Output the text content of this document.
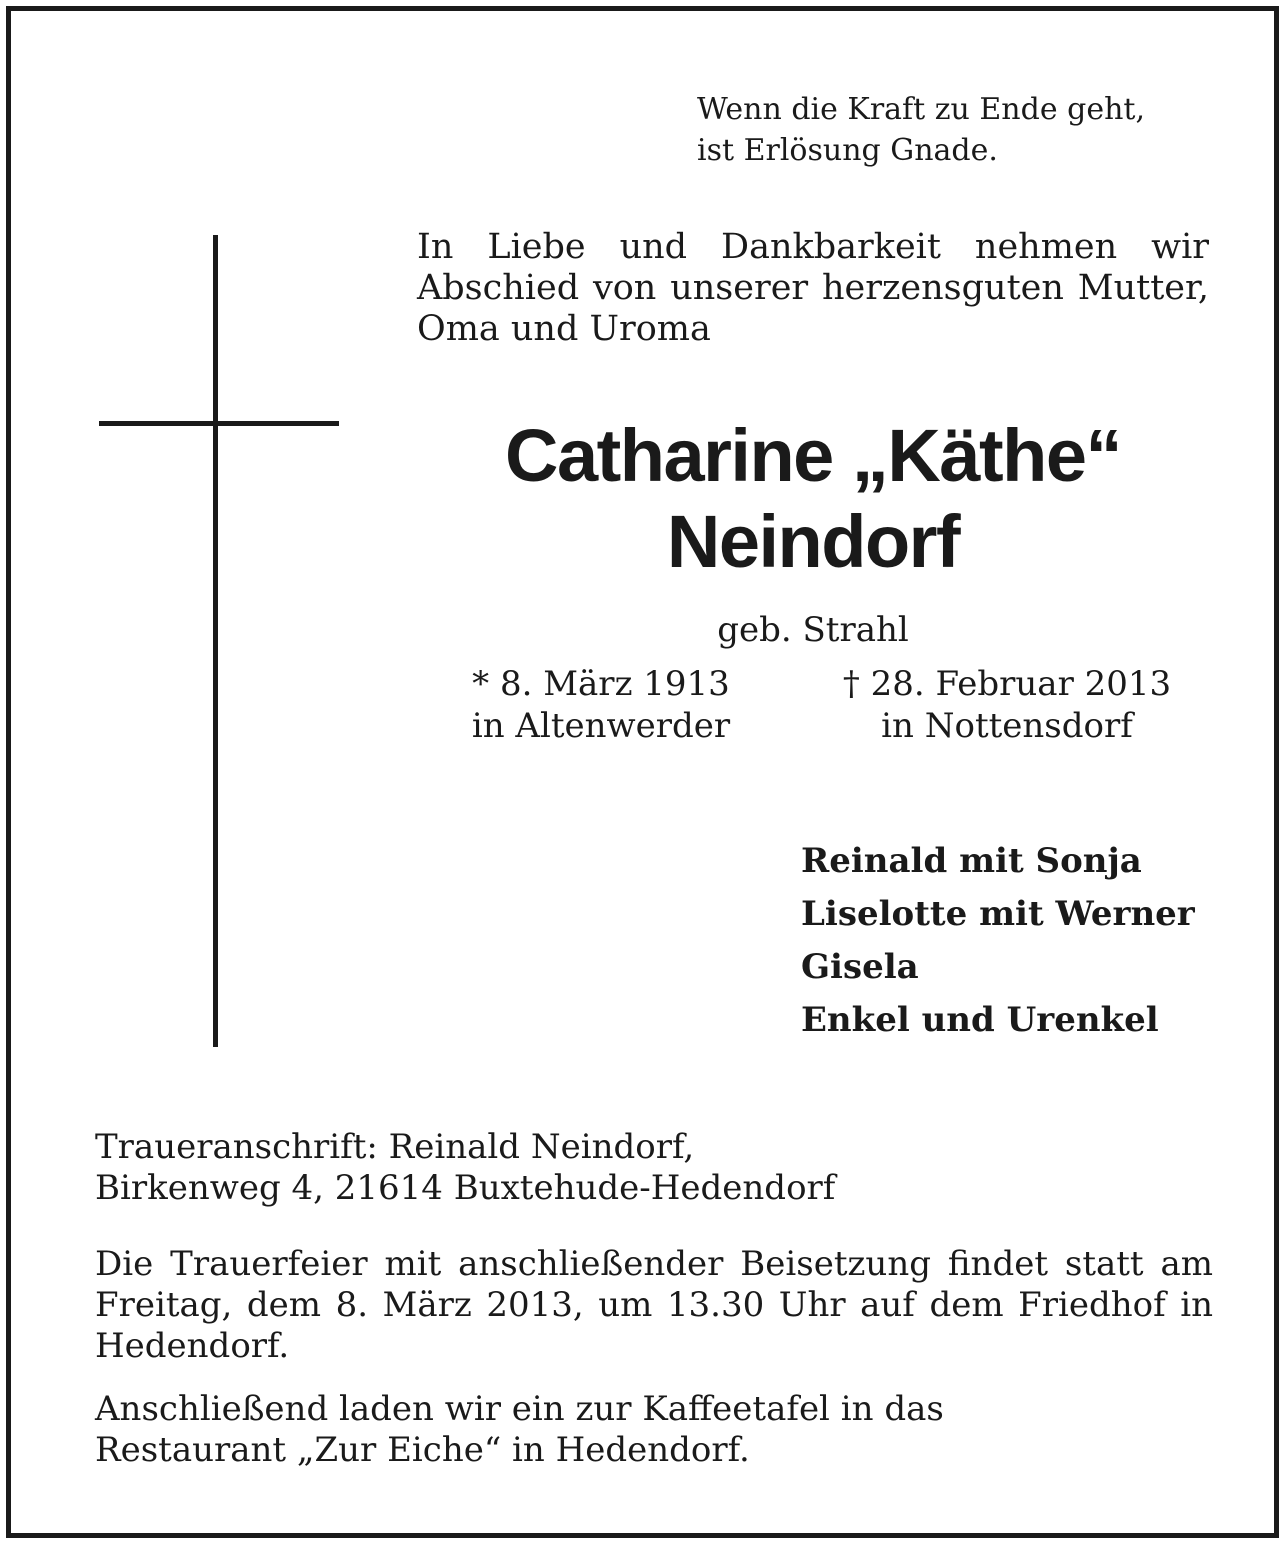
Wenn die Kraft zu Ende geht,
ist Erlösung Gnade.

In Liebe und Dankbarkeit nehmen wir Abschied von unserer herzensguten Mutter, Oma und Uroma

Catharine „Käthe“
Neindorf
geb. Strahl
* 8. März 1913
in Altenwerder
† 28. Februar 2013
in Nottensdorf
Reinald mit Sonja
Liselotte mit Werner
Gisela
Enkel und Urenkel
Traueranschrift: Reinald Neindorf,
Birkenweg 4, 21614 Buxtehude-Hedendorf

Die Trauerfeier mit anschließender Beisetzung findet statt am Freitag, dem 8. März 2013, um 13.30 Uhr auf dem Friedhof in Hedendorf.

Anschließend laden wir ein zur Kaffeetafel in das
Restaurant „Zur Eiche“ in Hedendorf.
